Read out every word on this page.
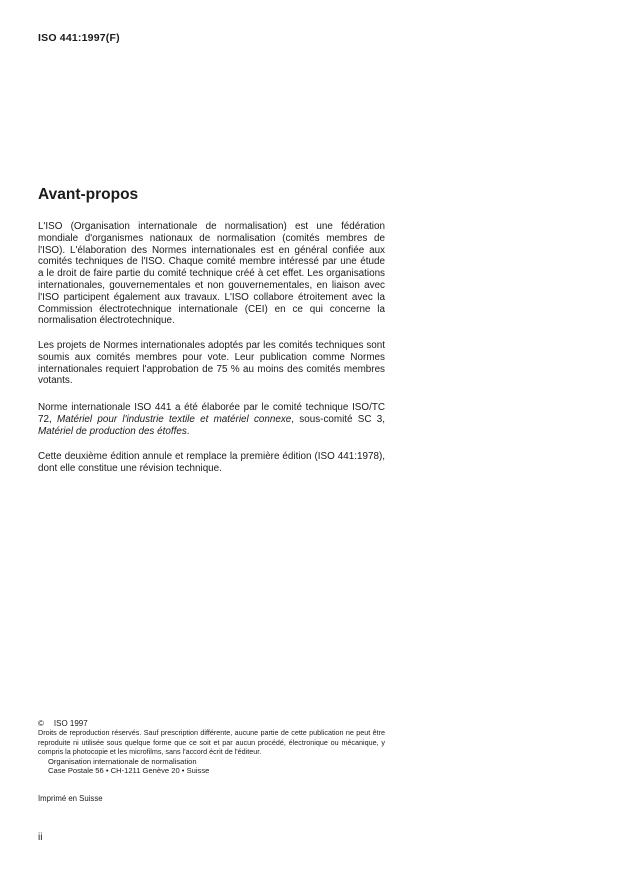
ISO 441:1997(F)
Avant-propos

L'ISO (Organisation internationale de normalisation) est une fédération mondiale d'organismes nationaux de normalisation (comités membres de l'ISO). L'élaboration des Normes internationales est en général confiée aux comités techniques de l'ISO. Chaque comité membre intéressé par une étude a le droit de faire partie du comité technique créé à cet effet. Les organisations internationales, gouvernementales et non gouvernementales, en liaison avec l'ISO participent également aux travaux. L'ISO collabore étroitement avec la Commission électrotechnique internationale (CEI) en ce qui concerne la normalisation électrotechnique.

Les projets de Normes internationales adoptés par les comités techniques sont soumis aux comités membres pour vote. Leur publication comme Normes internationales requiert l'approbation de 75 % au moins des comités membres votants.

Norme internationale ISO 441 a été élaborée par le comité technique ISO/TC 72, Matériel pour l'industrie textile et matériel connexe, sous-comité SC 3, Matériel de production des étoffes.

Cette deuxième édition annule et remplace la première édition (ISO 441:1978), dont elle constitue une révision technique.

© ISO 1997

Droits de reproduction réservés. Sauf prescription différente, aucune partie de cette publication ne peut être reproduite ni utilisée sous quelque forme que ce soit et par aucun procédé, électronique ou mécanique, y compris la photocopie et les microfilms, sans l'accord écrit de l'éditeur.

Organisation internationale de normalisation
Case Postale 56 • CH-1211 Genève 20 • Suisse
Imprimé en Suisse
ii
